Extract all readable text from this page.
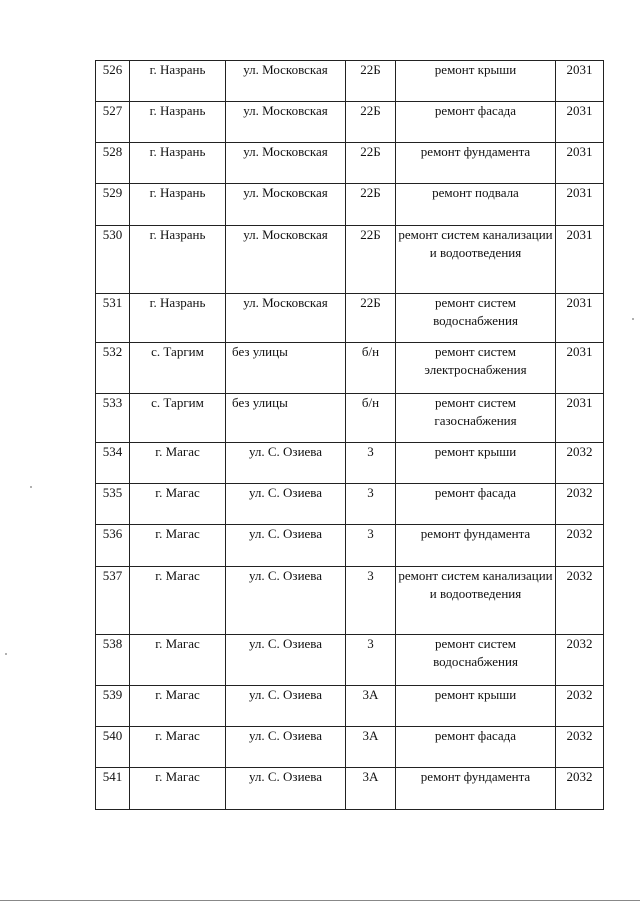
526	г. Назрань	ул. Московская	22Б	ремонт крыши	2031
527	г. Назрань	ул. Московская	22Б	ремонт фасада	2031
528	г. Назрань	ул. Московская	22Б	ремонт фундамента	2031
529	г. Назрань	ул. Московская	22Б	ремонт подвала	2031
530	г. Назрань	ул. Московская	22Б	ремонт систем канализации и водоотведения	2031
531	г. Назрань	ул. Московская	22Б	ремонт систем водоснабжения	2031
532	с. Таргим	без улицы	б/н	ремонт систем электроснабжения	2031
533	с. Таргим	без улицы	б/н	ремонт систем газоснабжения	2031
534	г. Магас	ул. С. Озиева	3	ремонт крыши	2032
535	г. Магас	ул. С. Озиева	3	ремонт фасада	2032
536	г. Магас	ул. С. Озиева	3	ремонт фундамента	2032
537	г. Магас	ул. С. Озиева	3	ремонт систем канализации и водоотведения	2032
538	г. Магас	ул. С. Озиева	3	ремонт систем водоснабжения	2032
539	г. Магас	ул. С. Озиева	3А	ремонт крыши	2032
540	г. Магас	ул. С. Озиева	3А	ремонт фасада	2032
541	г. Магас	ул. С. Озиева	3А	ремонт фундамента	2032
